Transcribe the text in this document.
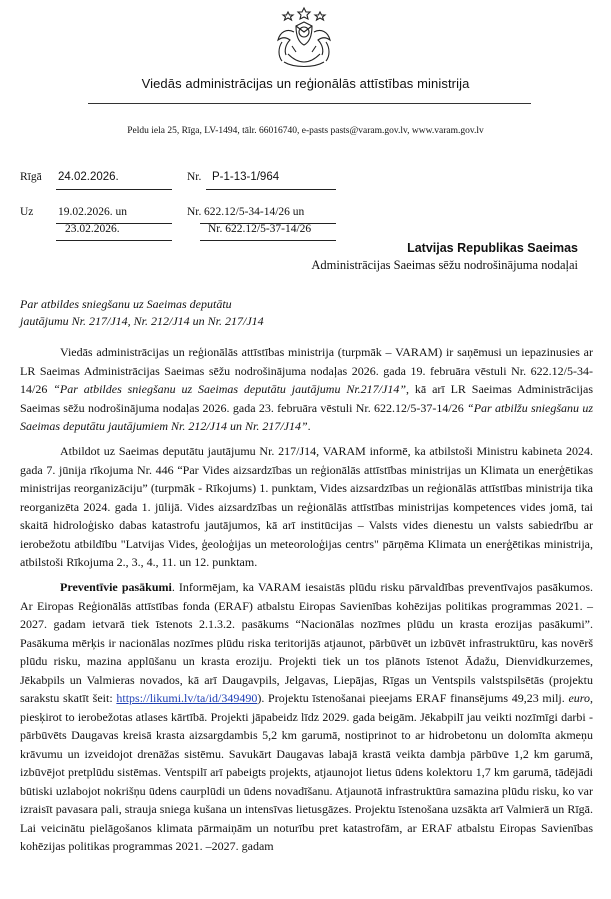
Viedās administrācijas un reģionālās attīstības ministrija
Peldu iela 25, Rīga, LV-1494, tālr. 66016740, e-pasts pasts@varam.gov.lv, www.varam.gov.lv
Rīgā 24.02.2026.	Nr. P-1-13-1/964
Uz 19.02.2026. un
23.02.2026.
Nr. 622.12/5-34-14/26 un
Nr. 622.12/5-37-14/26
Latvijas Republikas Saeimas
Administrācijas Saeimas sēžu nodrošinājuma nodaļai
Par atbildes sniegšanu uz Saeimas deputātu
jautājumu Nr. 217/J14, Nr. 212/J14 un Nr. 217/J14

Viedās administrācijas un reģionālās attīstības ministrija (turpmāk – VARAM) ir saņēmusi un iepazinusies ar LR Saeimas Administrācijas Saeimas sēžu nodrošinājuma nodaļas 2026. gada 19. februāra vēstuli Nr. 622.12/5-34-14/26 “Par atbildes sniegšanu uz Saeimas deputātu jautājumu Nr.217/J14”, kā arī LR Saeimas Administrācijas Saeimas sēžu nodrošinājuma nodaļas 2026. gada 23. februāra vēstuli Nr. 622.12/5-37-14/26 “Par atbilžu sniegšanu uz Saeimas deputātu jautājumiem Nr. 212/J14 un Nr. 217/J14”.

Atbildot uz Saeimas deputātu jautājumu Nr. 217/J14, VARAM informē, ka atbilstoši Ministru kabineta 2024. gada 7. jūnija rīkojuma Nr. 446 “Par Vides aizsardzības un reģionālās attīstības ministrijas un Klimata un enerģētikas ministrijas reorganizāciju” (turpmāk - Rīkojums) 1. punktam, Vides aizsardzības un reģionālās attīstības ministrija tika reorganizēta 2024. gada 1. jūlijā. Vides aizsardzības un reģionālās attīstības ministrijas kompetences vides jomā, tai skaitā hidroloģisko dabas katastrofu jautājumos, kā arī institūcijas – Valsts vides dienestu un valsts sabiedrību ar ierobežotu atbildību "Latvijas Vides, ģeoloģijas un meteoroloģijas centrs" pārņēma Klimata un enerģētikas ministrija, atbilstoši Rīkojuma 2., 3., 4., 11. un 12. punktam.

Preventīvie pasākumi. Informējam, ka VARAM iesaistās plūdu risku pārvaldības preventīvajos pasākumos. Ar Eiropas Reģionālās attīstības fonda (ERAF) atbalstu Eiropas Savienības kohēzijas politikas programmas 2021. – 2027. gadam ietvarā tiek īstenots 2.1.3.2. pasākums “Nacionālas nozīmes plūdu un krasta erozijas pasākumi”. Pasākuma mērķis ir nacionālas nozīmes plūdu riska teritorijās atjaunot, pārbūvēt un izbūvēt infrastruktūru, kas novērš plūdu risku, mazina applūšanu un krasta eroziju. Projekti tiek un tos plānots īstenot Ādažu, Dienvidkurzemes, Jēkabpils un Valmieras novados, kā arī Daugavpils, Jelgavas, Liepājas, Rīgas un Ventspils valstspilsētās (projektu sarakstu skatīt šeit: https://likumi.lv/ta/id/349490). Projektu īstenošanai pieejams ERAF finansējums 49,23 milj. euro, piesķirot to ierobežotas atlases kārtībā. Projekti jāpabeidz līdz 2029. gada beigām. Jēkabpilī jau veikti nozīmīgi darbi - pārbūvēts Daugavas kreisā krasta aizsargdambis 5,2 km garumā, nostiprinot to ar hidrobetonu un dolomīta akmeņu krāvumu un izveidojot drenāžas sistēmu. Savukārt Daugavas labajā krastā veikta dambja pārbūve 1,2 km garumā, izbūvējot pretplūdu sistēmas. Ventspilī arī pabeigts projekts, atjaunojot lietus ūdens kolektoru 1,7 km garumā, tādējādi būtiski uzlabojot nokrišņu ūdens caurplūdi un ūdens novadīšanu. Atjaunotā infrastruktūra samazina plūdu risku, ko var izraisīt pavasara pali, strauja sniega kušana un intensīvas lietusgāzes. Projektu īstenošana uzsākta arī Valmierā un Rīgā. Lai veicinātu pielāgošanos klimata pārmaiņām un noturību pret katastrofām, ar ERAF atbalstu Eiropas Savienības kohēzijas politikas programmas 2021. –2027. gadam
